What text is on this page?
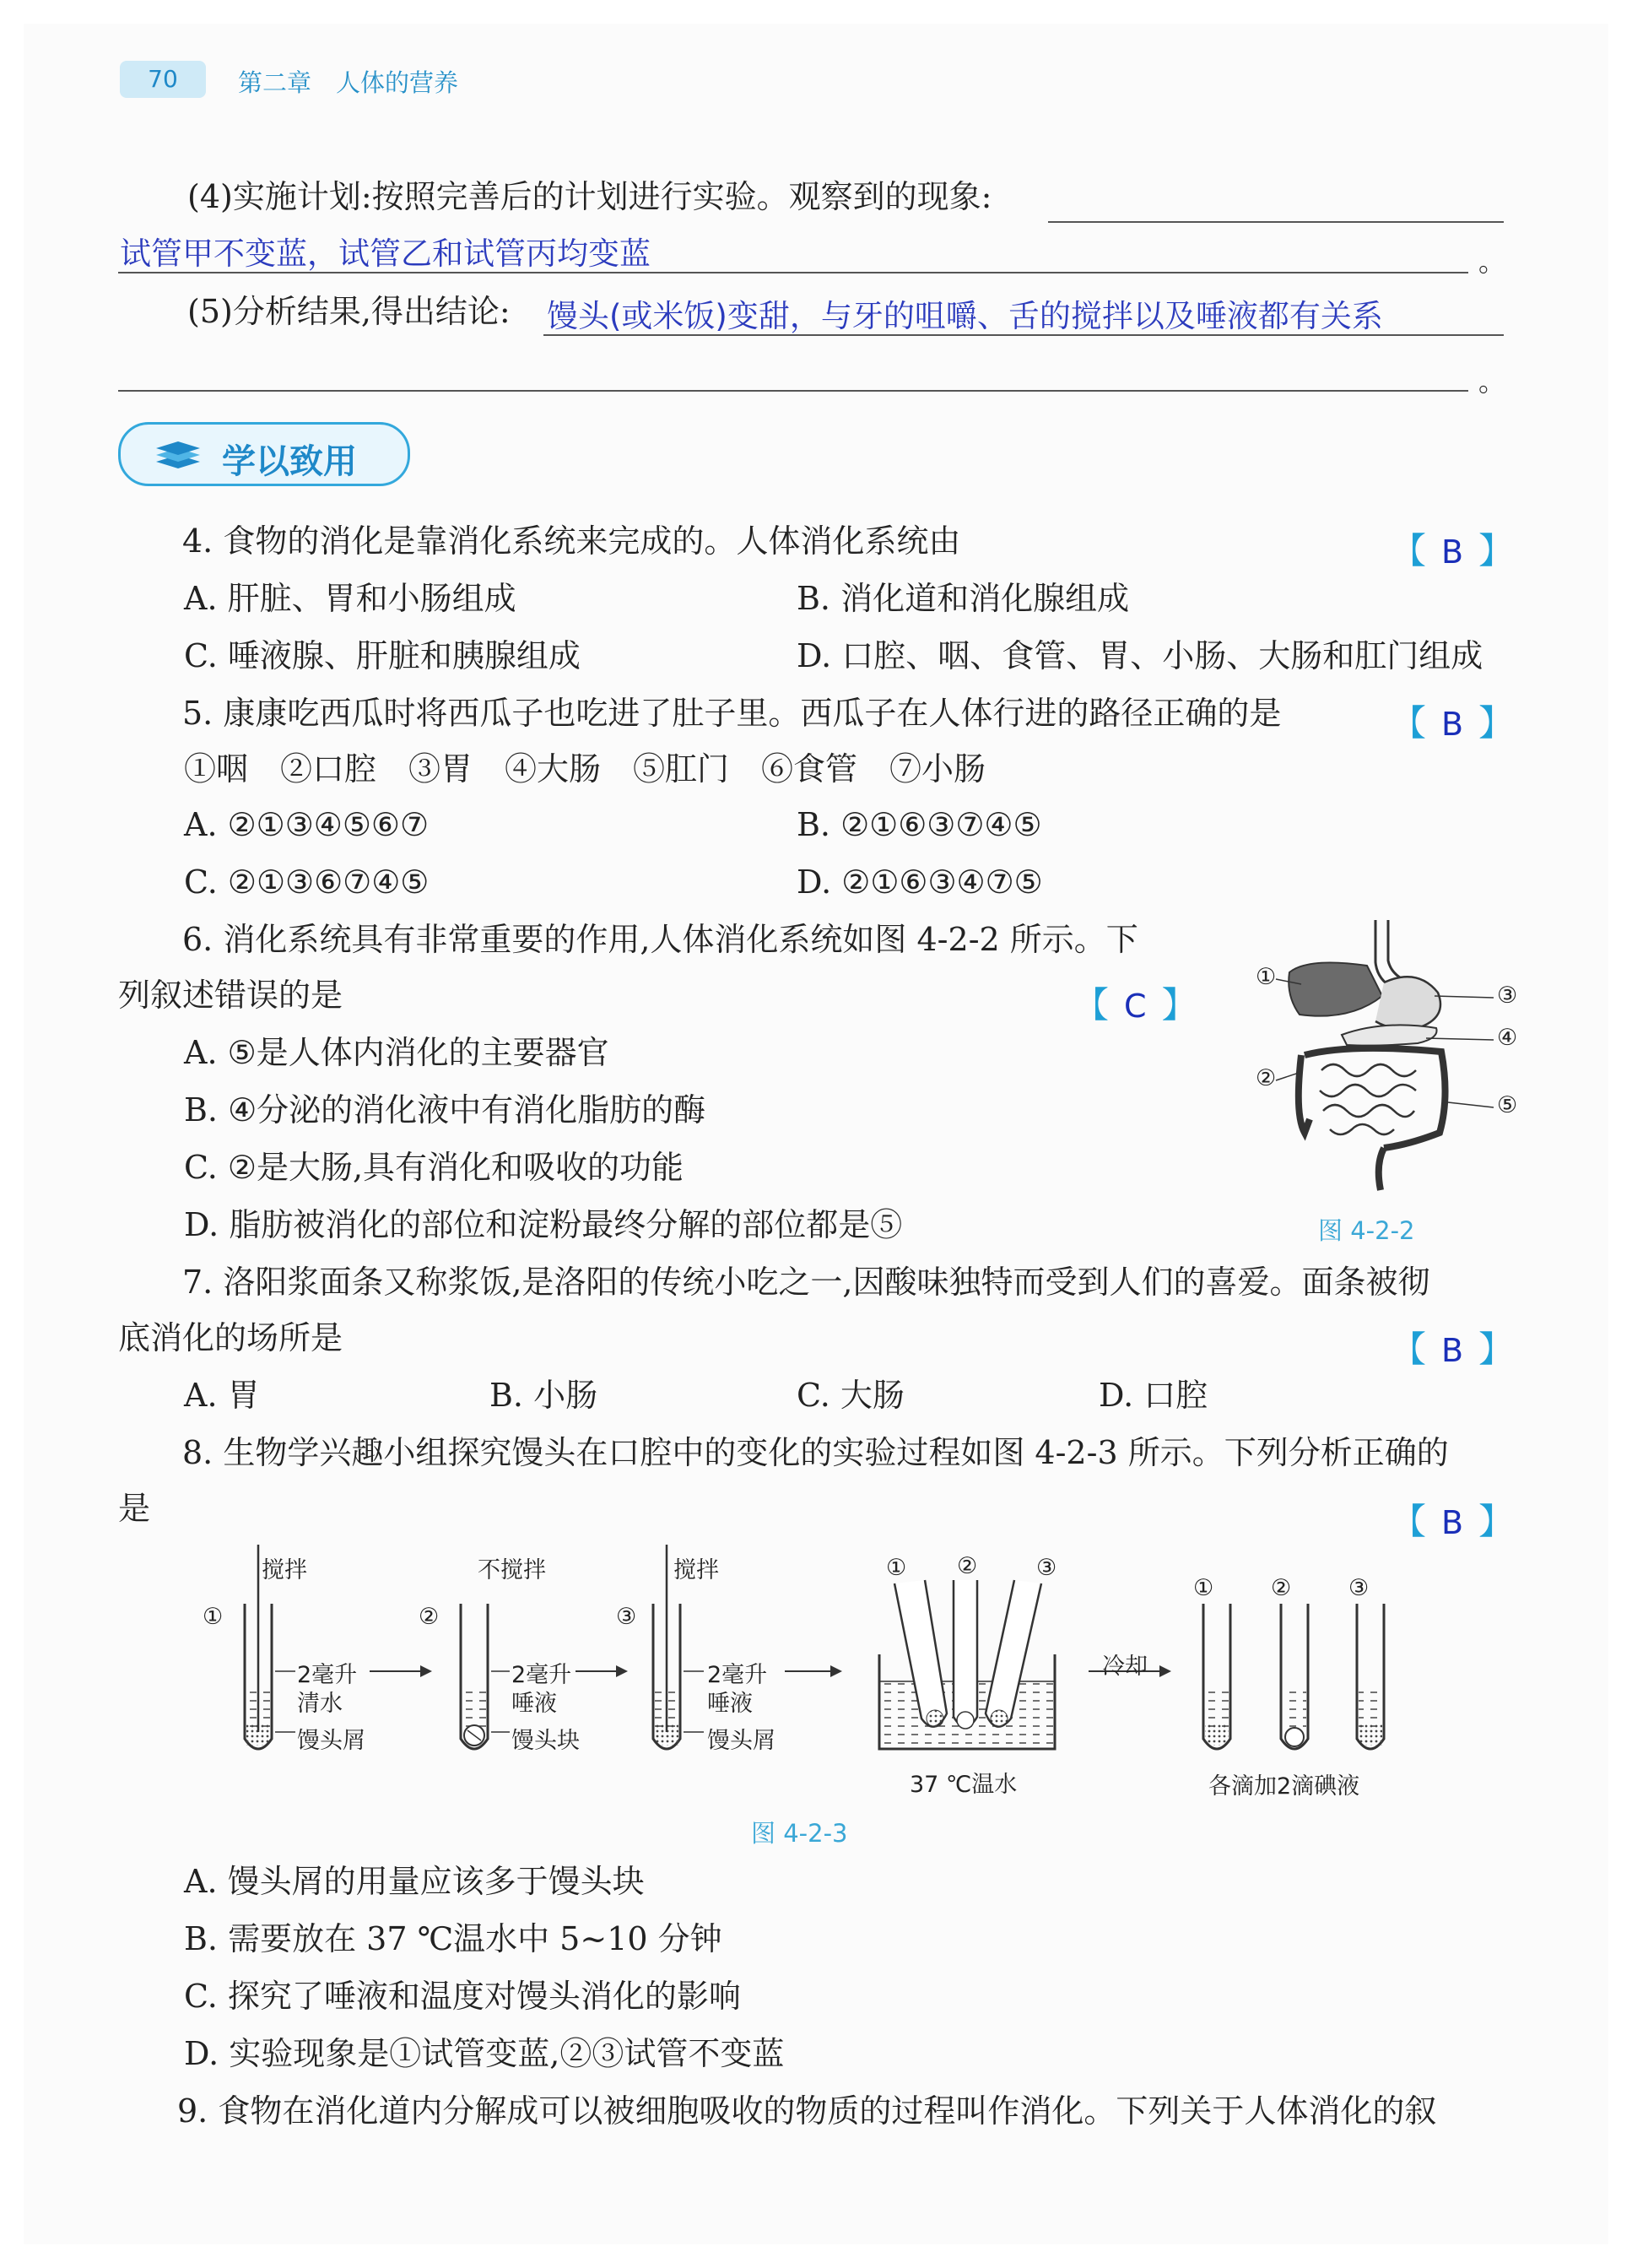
70	第二章　人体的营养
(4)实施计划:按照完善后的计划进行实验。观察到的现象:
试管甲不变蓝，试管乙和试管丙均变蓝	。
(5)分析结果,得出结论: 馒头(或米饭)变甜，与牙的咀嚼、舌的搅拌以及唾液都有关系
。
学以致用
4. 食物的消化是靠消化系统来完成的。人体消化系统由	【 B 】
A. 肝脏、胃和小肠组成	B. 消化道和消化腺组成
C. 唾液腺、肝脏和胰腺组成	D. 口腔、咽、食管、胃、小肠、大肠和肛门组成
5. 康康吃西瓜时将西瓜子也吃进了肚子里。西瓜子在人体行进的路径正确的是	【 B 】
①咽　②口腔　③胃　④大肠　⑤肛门　⑥食管　⑦小肠
A. ②①③④⑤⑥⑦	B. ②①⑥③⑦④⑤
C. ②①③⑥⑦④⑤	D. ②①⑥③④⑦⑤
6. 消化系统具有非常重要的作用,人体消化系统如图 4-2-2 所示。下
列叙述错误的是	【 C 】
A. ⑤是人体内消化的主要器官
B. ④分泌的消化液中有消化脂肪的酶
C. ②是大肠,具有消化和吸收的功能
D. 脂肪被消化的部位和淀粉最终分解的部位都是⑤
①
②
③
④
⑤
图 4-2-2
7. 洛阳浆面条又称浆饭,是洛阳的传统小吃之一,因酸味独特而受到人们的喜爱。面条被彻
底消化的场所是	【 B 】
A. 胃	B. 小肠	C. 大肠	D. 口腔
8. 生物学兴趣小组探究馒头在口腔中的变化的实验过程如图 4-2-3 所示。下列分析正确的
是	【 B 】
搅拌
①
2毫升
清水
馒头屑
不搅拌
②
2毫升
唾液
馒头块
搅拌
③
2毫升
唾液
馒头屑
① ②	③
37 ℃温水
冷却
①	②	③
各滴加2滴碘液
图 4-2-3
A. 馒头屑的用量应该多于馒头块
B. 需要放在 37 ℃温水中 5~10 分钟
C. 探究了唾液和温度对馒头消化的影响
D. 实验现象是①试管变蓝,②③试管不变蓝
9. 食物在消化道内分解成可以被细胞吸收的物质的过程叫作消化。下列关于人体消化的叙
